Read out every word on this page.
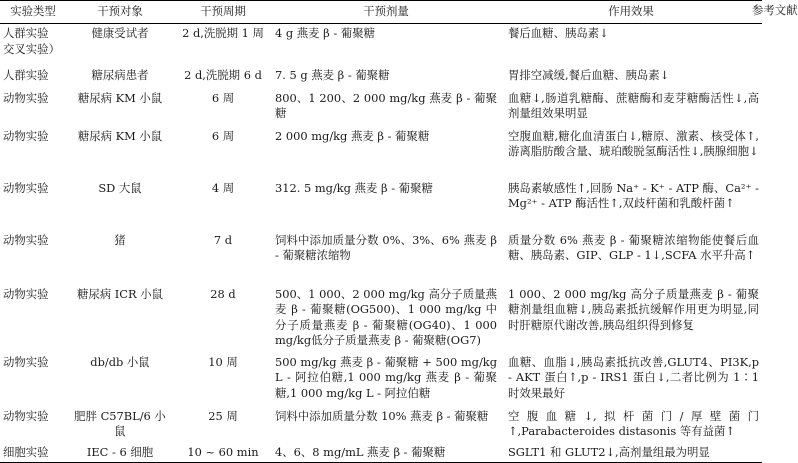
实验类型	干预对象	干预周期	干预剂量	作用效果 参考文献

人群实验
交叉实验）	健康受试者	2 d,洗脱期 1 周	4 g 燕麦 β - 葡聚糖	餐后血糖、胰岛素↓
人群实验	糖尿病患者	2 d,洗脱期 6 d	7. 5 g 燕麦 β - 葡聚糖	胃排空减缓,餐后血糖、胰岛素↓
动物实验	糖尿病 KM 小鼠	6 周	800、1 200、2 000 mg/kg 燕麦 β - 葡聚糖	血糖↓,肠道乳糖酶、蔗糖酶和麦芽糖酶活性↓,高剂量组效果明显
动物实验	糖尿病 KM 小鼠	6 周	2 000 mg/kg 燕麦 β - 葡聚糖	空腹血糖,糖化血清蛋白↓,糖原、激素、核受体↑,游离脂肪酸含量、琥珀酸脱氢酶活性↓,胰腺细胞↓
动物实验	SD 大鼠	4 周	312. 5 mg/kg 燕麦 β - 葡聚糖	胰岛素敏感性↑,回肠 Na⁺ - K⁺ - ATP 酶、Ca²⁺ - Mg²⁺ - ATP 酶活性↑,双歧杆菌和乳酸杆菌↑
动物实验	猪	7 d	饲料中添加质量分数 0%、3%、6% 燕麦 β - 葡聚糖浓缩物	质量分数 6% 燕麦 β - 葡聚糖浓缩物能使餐后血糖、胰岛素、GIP、GLP - 1↓,SCFA 水平升高↑
动物实验	糖尿病 ICR 小鼠	28 d	500、1 000、2 000 mg/kg 高分子质量燕麦 β - 葡聚糖(OG500)、1 000 mg/kg 中分子质量燕麦 β - 葡聚糖(OG40)、1 000 mg/kg低分子质量燕麦 β - 葡聚糖(OG7)	1 000、2 000 mg/kg 高分子质量燕麦 β - 葡聚糖剂量组血糖↓,胰岛素抵抗缓解作用更为明显,同时肝糖原代谢改善,胰岛组织得到修复
动物实验	db/db 小鼠	10 周	500 mg/kg 燕麦 β - 葡聚糖 + 500 mg/kg L - 阿拉伯糖,1 000 mg/kg 燕麦 β - 葡聚糖,1 000 mg/kg L - 阿拉伯糖	血糖、血脂↓,胰岛素抵抗改善,GLUT4、PI3K,p - AKT 蛋白↑,p - IRS1 蛋白↓,二者比例为 1∶1 时效果最好
动物实验	肥胖 C57BL/6 小鼠	25 周	饲料中添加质量分数 10% 燕麦 β - 葡聚糖	空腹血糖↓,拟杆菌门/厚壁菌门↑,Parabacteroides distasonis 等有益菌↑
细胞实验	IEC - 6 细胞	10 ~ 60 min	4、6、8 mg/mL 燕麦 β - 葡聚糖	SGLT1 和 GLUT2↓,高剂量组最为明显
